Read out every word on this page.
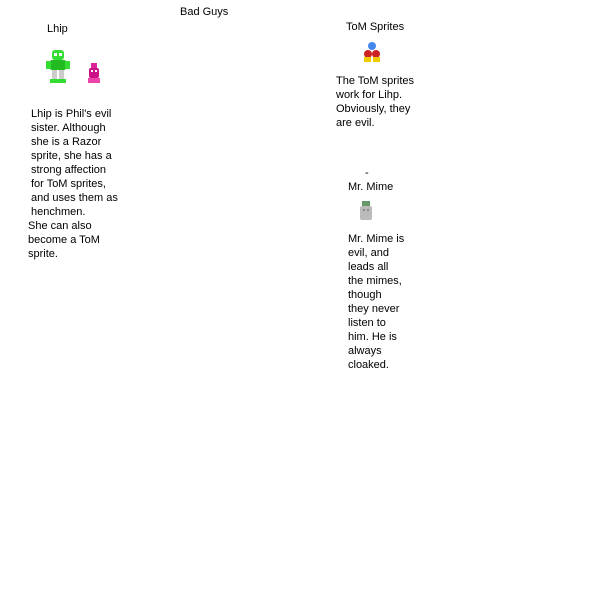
Bad Guys
Lhip
Lhip is Phil's evil
sister. Although
she is a Razor
sprite, she has a
strong affection
for ToM sprites,
and uses them as
henchmen.
She can also
become a ToM
sprite.
ToM Sprites
The ToM sprites
work for Lihp.
Obviously, they
are evil.
-
Mr. Mime
Mr. Mime is
evil, and
leads all
the mimes,
though
they never
listen to
him. He is
always
cloaked.
